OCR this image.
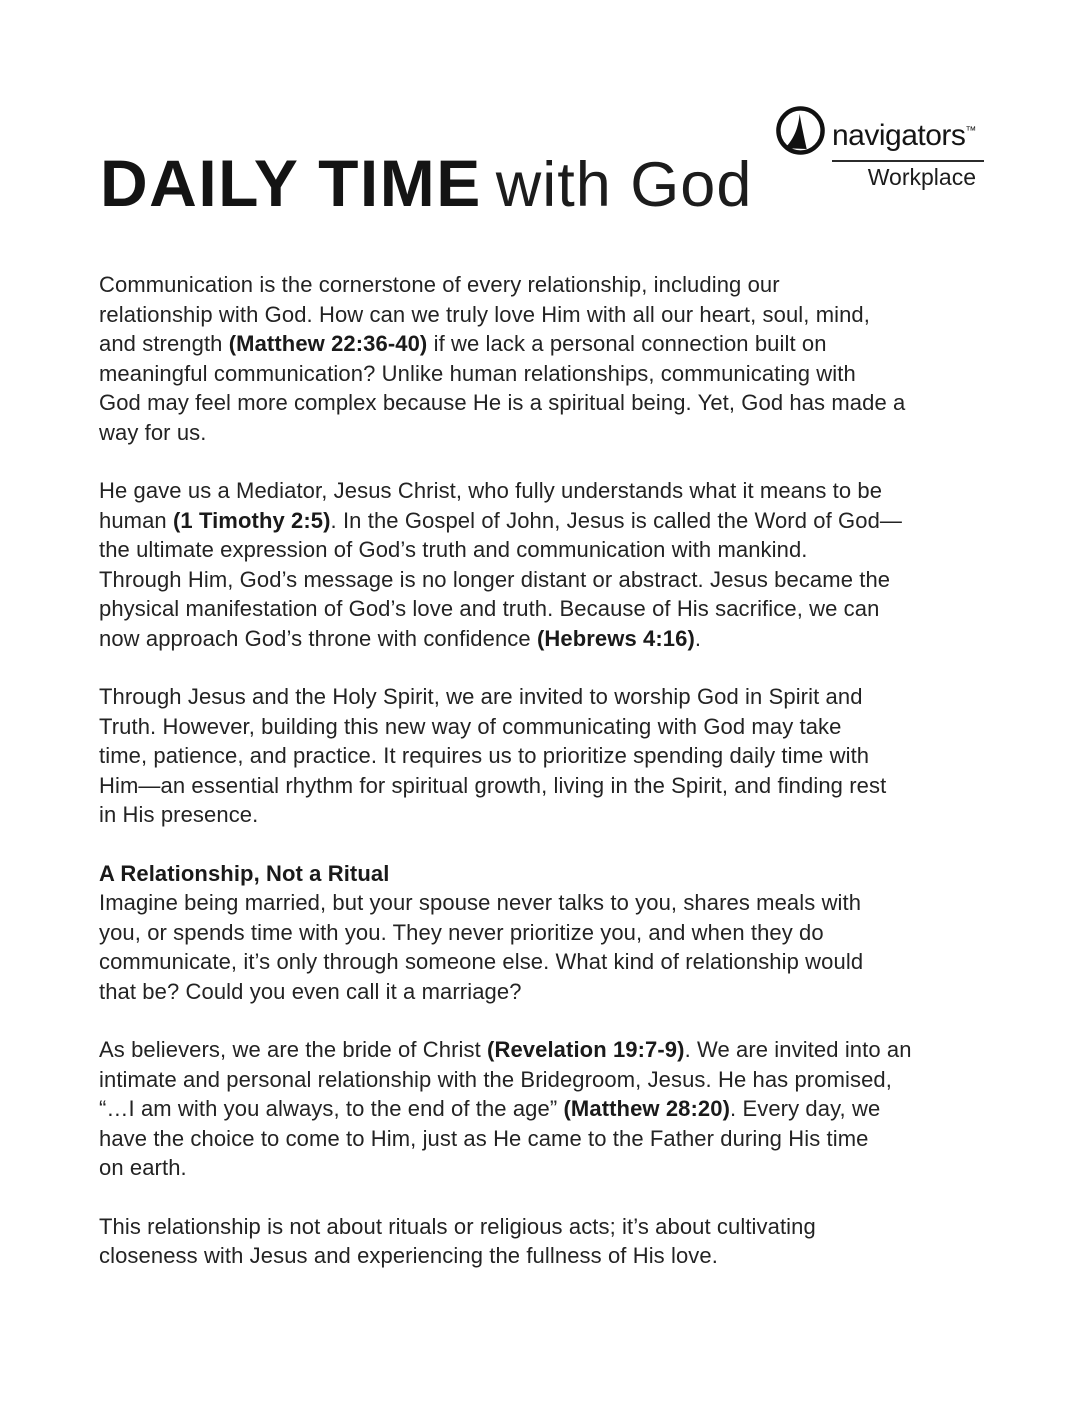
DAILY TIME with God
navigators™
Workplace

Communication is the cornerstone of every relationship, including our
relationship with God. How can we truly love Him with all our heart, soul, mind,
and strength (Matthew 22:36-40) if we lack a personal connection built on
meaningful communication? Unlike human relationships, communicating with
God may feel more complex because He is a spiritual being. Yet, God has made a
way for us.

He gave us a Mediator, Jesus Christ, who fully understands what it means to be
human (1 Timothy 2:5). In the Gospel of John, Jesus is called the Word of God—
the ultimate expression of God’s truth and communication with mankind.
Through Him, God’s message is no longer distant or abstract. Jesus became the
physical manifestation of God’s love and truth. Because of His sacrifice, we can
now approach God’s throne with confidence (Hebrews 4:16).

Through Jesus and the Holy Spirit, we are invited to worship God in Spirit and
Truth. However, building this new way of communicating with God may take
time, patience, and practice. It requires us to prioritize spending daily time with
Him—an essential rhythm for spiritual growth, living in the Spirit, and finding rest
in His presence.

A Relationship, Not a Ritual

Imagine being married, but your spouse never talks to you, shares meals with
you, or spends time with you. They never prioritize you, and when they do
communicate, it’s only through someone else. What kind of relationship would
that be? Could you even call it a marriage?

As believers, we are the bride of Christ (Revelation 19:7-9). We are invited into an
intimate and personal relationship with the Bridegroom, Jesus. He has promised,
“…I am with you always, to the end of the age” (Matthew 28:20). Every day, we
have the choice to come to Him, just as He came to the Father during His time
on earth.

This relationship is not about rituals or religious acts; it’s about cultivating
closeness with Jesus and experiencing the fullness of His love.
